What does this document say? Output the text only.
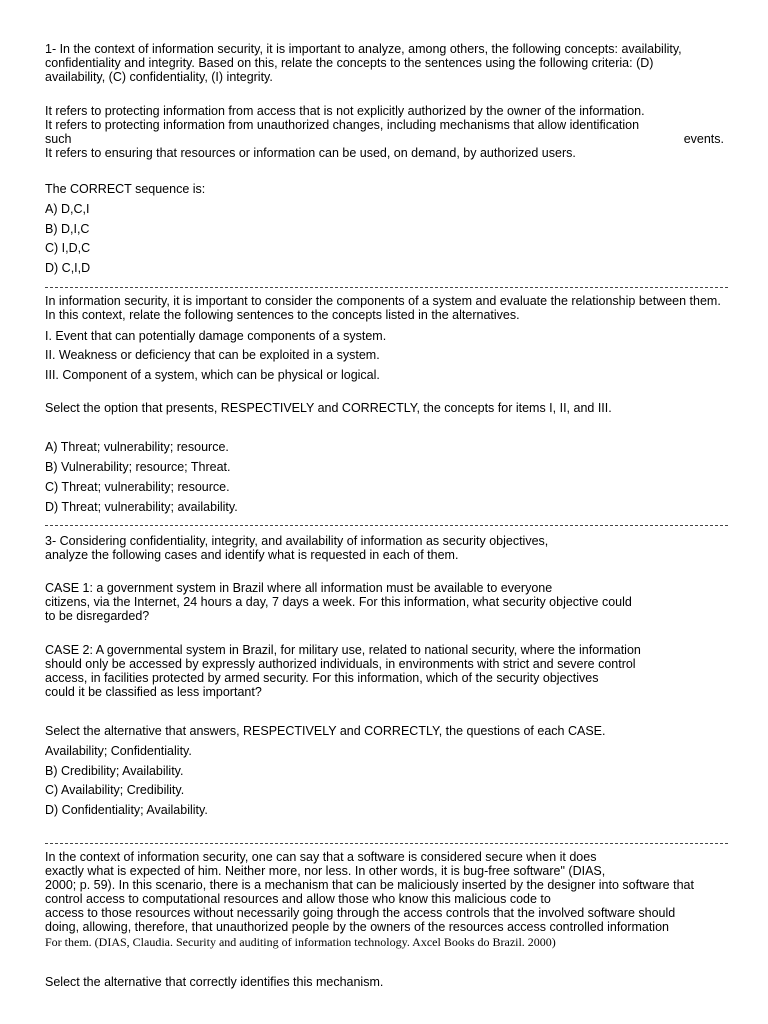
1- In the context of information security, it is important to analyze, among others, the following concepts: availability,
confidentiality and integrity. Based on this, relate the concepts to the sentences using the following criteria: (D)
availability, (C) confidentiality, (I) integrity.
It refers to protecting information from access that is not explicitly authorized by the owner of the information.
It refers to protecting information from unauthorized changes, including mechanisms that allow identification
such	events.
It refers to ensuring that resources or information can be used, on demand, by authorized users.
The CORRECT sequence is:
A) D,C,I
B) D,I,C
C) I,D,C
D) C,I,D
In information security, it is important to consider the components of a system and evaluate the relationship between them.
In this context, relate the following sentences to the concepts listed in the alternatives.
I. Event that can potentially damage components of a system.
II. Weakness or deficiency that can be exploited in a system.
III. Component of a system, which can be physical or logical.
Select the option that presents, RESPECTIVELY and CORRECTLY, the concepts for items I, II, and III.
A) Threat; vulnerability; resource.
B) Vulnerability; resource; Threat.
C) Threat; vulnerability; resource.
D) Threat; vulnerability; availability.
3- Considering confidentiality, integrity, and availability of information as security objectives,
analyze the following cases and identify what is requested in each of them.
CASE 1: a government system in Brazil where all information must be available to everyone
citizens, via the Internet, 24 hours a day, 7 days a week. For this information, what security objective could
to be disregarded?
CASE 2: A governmental system in Brazil, for military use, related to national security, where the information
should only be accessed by expressly authorized individuals, in environments with strict and severe control
access, in facilities protected by armed security. For this information, which of the security objectives
could it be classified as less important?
Select the alternative that answers, RESPECTIVELY and CORRECTLY, the questions of each CASE.
Availability; Confidentiality.
B) Credibility; Availability.
C) Availability; Credibility.
D) Confidentiality; Availability.
In the context of information security, one can say that a software is considered secure when it does
exactly what is expected of him. Neither more, nor less. In other words, it is bug-free software" (DIAS,
2000; p. 59). In this scenario, there is a mechanism that can be maliciously inserted by the designer into software that
control access to computational resources and allow those who know this malicious code to
access to those resources without necessarily going through the access controls that the involved software should
doing, allowing, therefore, that unauthorized people by the owners of the resources access controlled information
For them. (DIAS, Claudia. Security and auditing of information technology. Axcel Books do Brazil. 2000)
Select the alternative that correctly identifies this mechanism.
